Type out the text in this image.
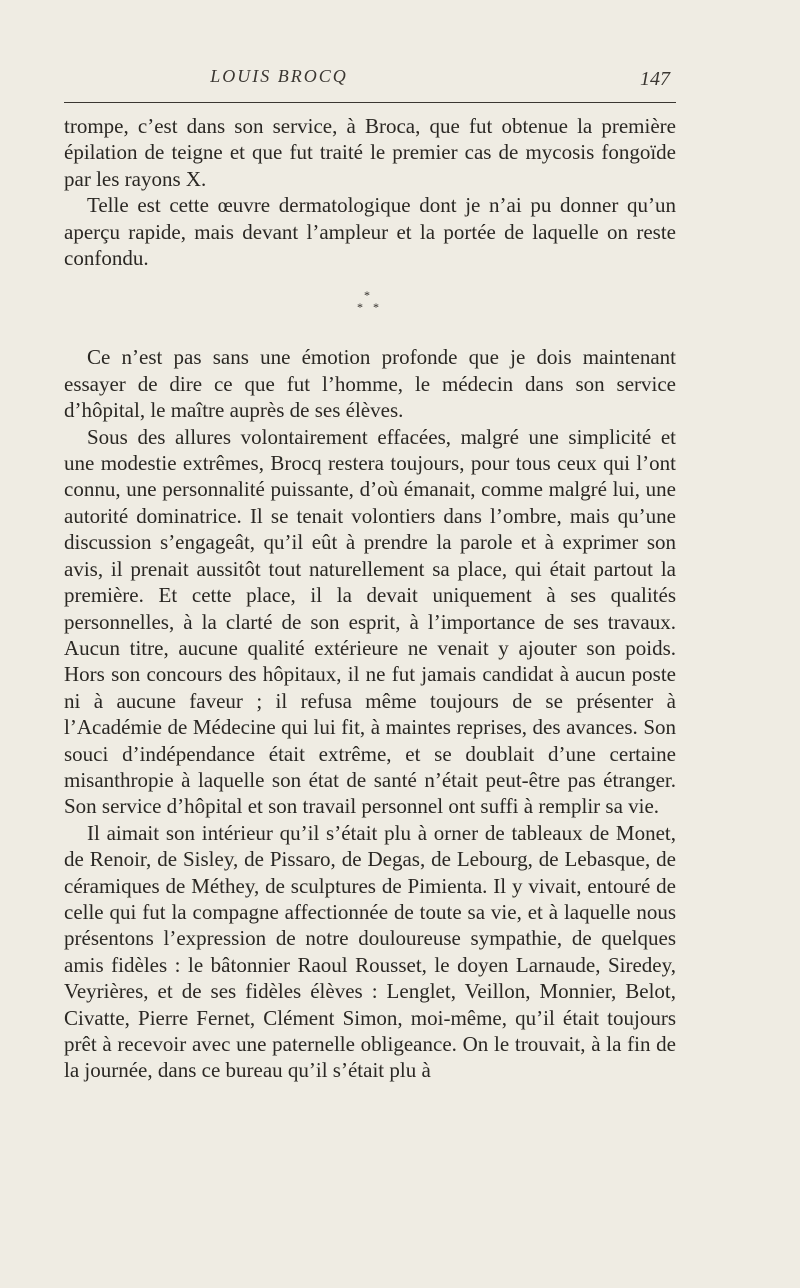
LOUIS BROCQ	147

trompe, c’est dans son service, à Broca, que fut obtenue la première épilation de teigne et que fut traité le premier cas de mycosis fongoïde par les rayons X.

Telle est cette œuvre dermatologique dont je n’ai pu donner qu’un aperçu rapide, mais devant l’ampleur et la portée de laquelle on reste confondu.

*
* *

Ce n’est pas sans une émotion profonde que je dois maintenant essayer de dire ce que fut l’homme, le médecin dans son service d’hôpital, le maître auprès de ses élèves.

Sous des allures volontairement effacées, malgré une simplicité et une modestie extrêmes, Brocq restera toujours, pour tous ceux qui l’ont connu, une personnalité puissante, d’où émanait, comme malgré lui, une autorité dominatrice. Il se tenait volontiers dans l’ombre, mais qu’une discussion s’engageât, qu’il eût à prendre la parole et à exprimer son avis, il prenait aussitôt tout naturellement sa place, qui était partout la première. Et cette place, il la devait uniquement à ses qualités personnelles, à la clarté de son esprit, à l’importance de ses travaux. Aucun titre, aucune qualité extérieure ne venait y ajouter son poids. Hors son concours des hôpitaux, il ne fut jamais candidat à aucun poste ni à aucune faveur ; il refusa même toujours de se présenter à l’Académie de Médecine qui lui fit, à maintes reprises, des avances. Son souci d’indépendance était extrême, et se doublait d’une certaine misanthropie à laquelle son état de santé n’était peut-être pas étranger. Son service d’hôpital et son travail personnel ont suffi à remplir sa vie.

Il aimait son intérieur qu’il s’était plu à orner de tableaux de Monet, de Renoir, de Sisley, de Pissaro, de Degas, de Lebourg, de Lebasque, de céramiques de Méthey, de sculptures de Pimienta. Il y vivait, entouré de celle qui fut la compagne affectionnée de toute sa vie, et à laquelle nous présentons l’expression de notre douloureuse sympathie, de quelques amis fidèles : le bâtonnier Raoul Rousset, le doyen Larnaude, Siredey, Veyrières, et de ses fidèles élèves : Lenglet, Veillon, Monnier, Belot, Civatte, Pierre Fernet, Clément Simon, moi-même, qu’il était toujours prêt à recevoir avec une paternelle obligeance. On le trouvait, à la fin de la journée, dans ce bureau qu’il s’était plu à
